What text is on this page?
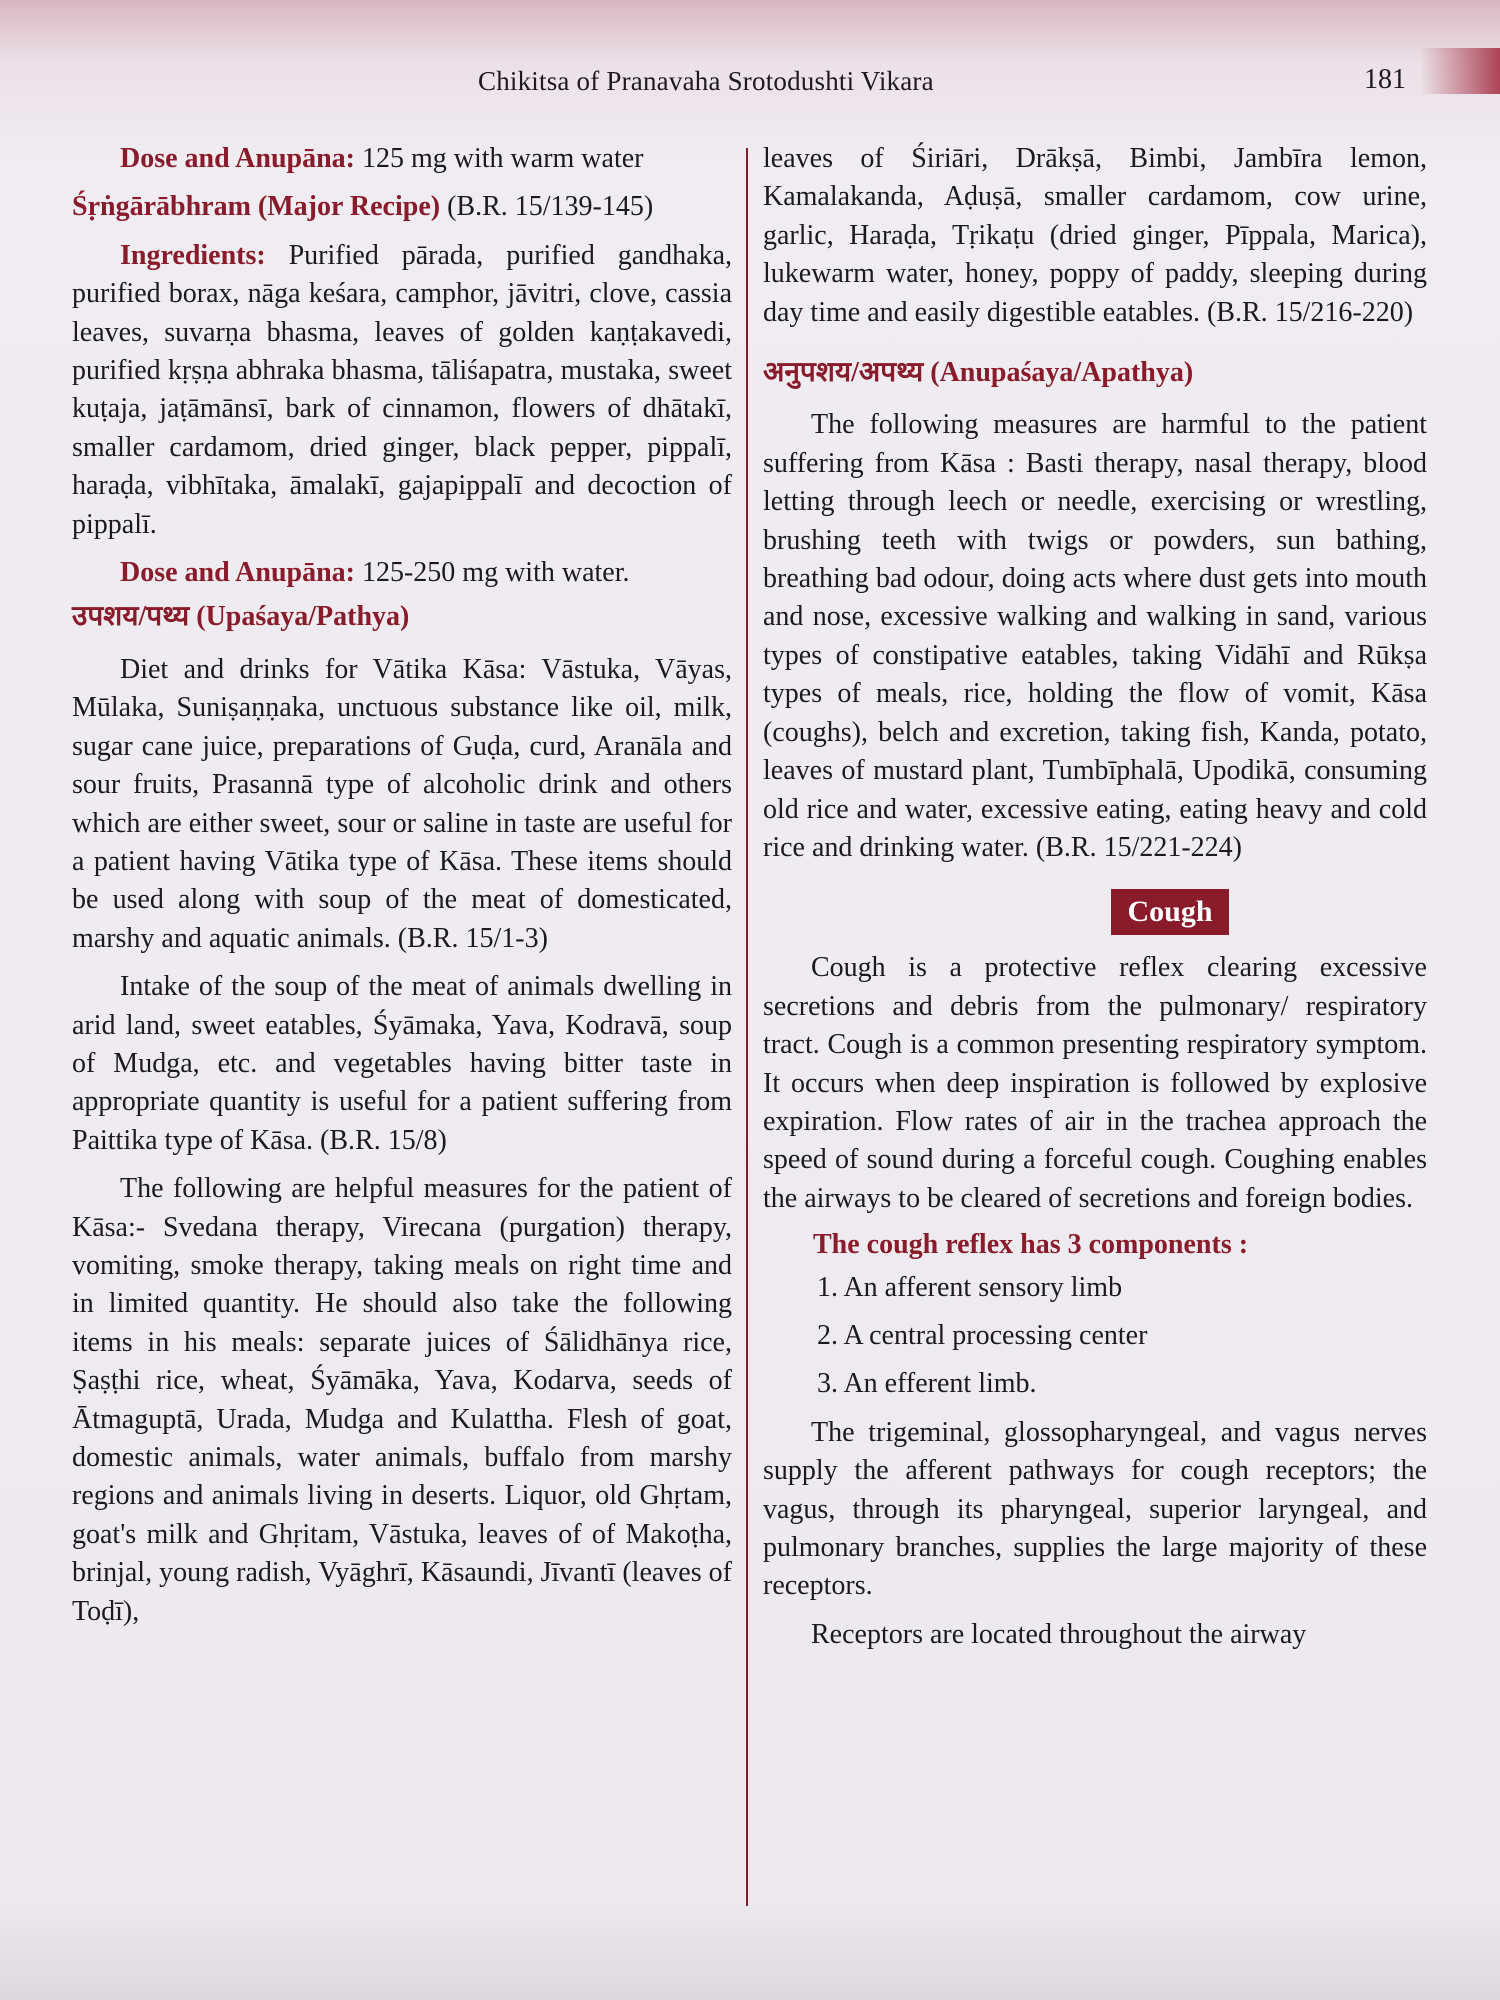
Chikitsa of Pranavaha Srotodushti Vikara	181

Dose and Anupāna: 125 mg with warm water

Śṛṅgārābhram (Major Recipe) (B.R. 15/139-145)

Ingredients: Purified pārada, purified gandhaka, purified borax, nāga keśara, camphor, jāvitri, clove, cassia leaves, suvarṇa bhasma, leaves of golden kaṇṭakavedi, purified kṛṣṇa abhraka bhasma, tāliśapatra, mustaka, sweet kuṭaja, jaṭāmānsī, bark of cinnamon, flowers of dhātakī, smaller cardamom, dried ginger, black pepper, pippalī, haraḍa, vibhītaka, āmalakī, gajapippalī and decoction of pippalī.

Dose and Anupāna: 125-250 mg with water.

उपशय/पथ्य (Upaśaya/Pathya)

Diet and drinks for Vātika Kāsa: Vāstuka, Vāyas, Mūlaka, Suniṣaṇṇaka, unctuous substance like oil, milk, sugar cane juice, preparations of Guḍa, curd, Aranāla and sour fruits, Prasannā type of alcoholic drink and others which are either sweet, sour or saline in taste are useful for a patient having Vātika type of Kāsa. These items should be used along with soup of the meat of domesticated, marshy and aquatic animals. (B.R. 15/1-3)

Intake of the soup of the meat of animals dwelling in arid land, sweet eatables, Śyāmaka, Yava, Kodravā, soup of Mudga, etc. and vegetables having bitter taste in appropriate quantity is useful for a patient suffering from Paittika type of Kāsa. (B.R. 15/8)

The following are helpful measures for the patient of Kāsa:- Svedana therapy, Virecana (purgation) therapy, vomiting, smoke therapy, taking meals on right time and in limited quantity. He should also take the following items in his meals: separate juices of Śālidhānya rice, Ṣaṣṭhi rice, wheat, Śyāmāka, Yava, Kodarva, seeds of Ātmaguptā, Urada, Mudga and Kulattha. Flesh of goat, domestic animals, water animals, buffalo from marshy regions and animals living in deserts. Liquor, old Ghṛtam, goat's milk and Ghṛitam, Vāstuka, leaves of of Makoṭha, brinjal, young radish, Vyāghrī, Kāsaundi, Jīvantī (leaves of Toḍī),

leaves of Śiriāri, Drākṣā, Bimbi, Jambīra lemon, Kamalakanda, Aḍuṣā, smaller cardamom, cow urine, garlic, Haraḍa, Tṛikaṭu (dried ginger, Pīppala, Marica), lukewarm water, honey, poppy of paddy, sleeping during day time and easily digestible eatables. (B.R. 15/216-220)

अनुपशय/अपथ्य (Anupaśaya/Apathya)

The following measures are harmful to the patient suffering from Kāsa : Basti therapy, nasal therapy, blood letting through leech or needle, exercising or wrestling, brushing teeth with twigs or powders, sun bathing, breathing bad odour, doing acts where dust gets into mouth and nose, excessive walking and walking in sand, various types of constipative eatables, taking Vidāhī and Rūkṣa types of meals, rice, holding the flow of vomit, Kāsa (coughs), belch and excretion, taking fish, Kanda, potato, leaves of mustard plant, Tumbīphalā, Upodikā, consuming old rice and water, excessive eating, eating heavy and cold rice and drinking water. (B.R. 15/221-224)

Cough

Cough is a protective reflex clearing excessive secretions and debris from the pulmonary/ respiratory tract. Cough is a common presenting respiratory symptom. It occurs when deep inspiration is followed by explosive expiration. Flow rates of air in the trachea approach the speed of sound during a forceful cough. Coughing enables the airways to be cleared of secretions and foreign bodies.

The cough reflex has 3 components :
1. An afferent sensory limb
2. A central processing center
3. An efferent limb.

The trigeminal, glossopharyngeal, and vagus nerves supply the afferent pathways for cough receptors; the vagus, through its pharyngeal, superior laryngeal, and pulmonary branches, supplies the large majority of these receptors.

Receptors are located throughout the airway
